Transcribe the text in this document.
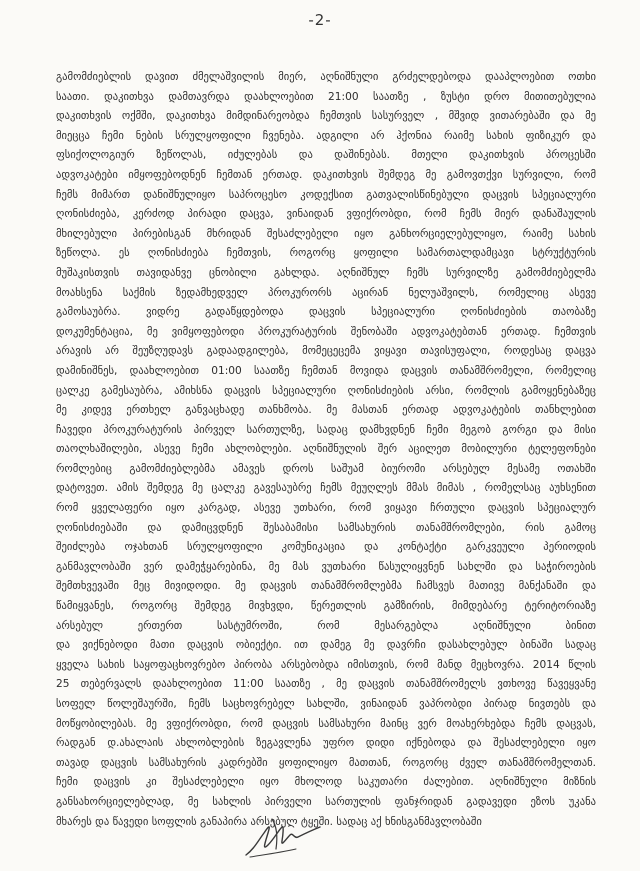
-2-
გამომძიებლის დავით ძმელაშვილის მიერ, აღნიშნული გრძელდებოდა დააპლოებით ოთხი
საათი. დაკითხვა დამთავრდა დაახლოებით 21:00 საათზე , ზუსტი დრო მითითებულია
დაკითხვის ოქმში, დაკითხვა მიმდინარეობდა ჩემთვის სასურველ , მშვიდ ვითარებაში და მე
მიეცცა ჩემი ნების სრულყოფილი ჩვენება. ადგილი არ ჰქონია რაიმე სახის ფიზიკურ და
ფსიქოლოგიურ ზეწოლას, იძულებას და დაშინებას. მთელი დაკითხვის პროცესში
ადვოკატები იმყოფებოდნენ ჩემთან ერთად. დაკითხვის შემდეგ მე გამოვთქვი სურვილი, რომ
ჩემს მიმართ დანიშნულიყო საპროცესო კოდექსით გათვალისწინებული დაცვის სპეციალური
ღონისძიება, კერძოდ პირადი დაცვა, ვინაიდან ვფიქრობდი, რომ ჩემს მიერ დანაშაულის
მხილებული პირებისგან მხრიდან შესაძლებელი იყო განხორციელებულიყო, რაიმე სახის
ზეწოლა. ეს ღონისძიება ჩემთვის, როგორც ყოფილი სამართალდამცავი სტრუქტურის
მუშაკისთვის თავიდანვე ცნობილი გახლდა. აღნიშნულ ჩემს სურვილზე გამომძიებელმა
მოახსენა საქმის ზედამხედველ პროკურორს აცირან ნელუაშვილს, რომელიც ასევე
გამოსაუბრა. ვიდრე გადაწყდებოდა დაცვის სპეციალური ღონისძიების თაობაზე
დოკუმენტაცია, მე ვიმყოფებოდი პროკურატურის შენობაში ადვოკატებთან ერთად. ჩემთვის
არავის არ შეუზღუდავს გადაადგილება, მომეცეცემა ვიყავი თავისუფალი, როდესაც დაცვა
დამინიშნეს, დაახლოებით 01:00 საათზე ჩემთან მოვიდა დაცვის თანამშრომელი, რომელიც
ცალკე გამესაუბრა, ამიხსნა დაცვის სპეციალური ღონისძიების არსი, რომლის გამოყენებაზეც
მე კიდევ ერთხელ განვაცხადე თანხმობა. მე მასთან ერთად ადვოკატების თანხლებით
ჩავედი პროკურატურის პირველ სართულზე, სადაც დამხვდნენ ჩემი მეგობ გორგი და მისი
თაოლხაშილები, ასევე ჩემი ახლობლები. აღნიშნულის შერ აცილეთ მობილური ტელეფონები
რომლებიც გამომძიებლებმა ამავეს დროს საშუამ ბიურომი არსებულ მესამე ოთახში
დატოვეთ. ამის შემდეგ მე ცალკე გავესაუბრე ჩემს მეუღლეს მმას მიმას , რომელსაც აუხსენით
რომ ყველაფერი იყო კარგად, ასევე უთხარი, რომ ვიყავი ჩრთული დაცვის სპეციალურ
ღონისძიებაში და დამიცვდნენ შესაბამისი სამსახურის თანამშრომლები, რის გამოც
შეიძლება ოჯახთან სრულყოფილი კომუნიკაცია და კონტაქტი გარკვეული პერიოდის
განმავლობაში ვერ დამეჭყარებინა, მე მას ვუთხარი წასულიყვნენ სახლში და საჭიროების
შემთხვევაში მეც მივიდოდი. მე დაცვის თანამშრომლებმა ჩამსვეს მათივე მანქანაში და
წამიყვანეს, როგორც შემდეგ მივხვდი, წერეთლის გამზირის, მიმდებარე ტერიტორიაზე
არსებულ ერთერთ სასტუმროში, რომ მესარგებლა აღნიშნული ბინით
და ვიქნებოდი მათი დაცვის ობიექტი. ით დამეგ მე დავრჩი დასახლებულ ბინაში სადაც
ყველა სახის საყოფაცხოვრებო პირობა არსებობდა იმისთვის, რომ მანდ მეცხოვრა. 2014 წლის
25 თებერვალს დაახლოებით 11:00 საათზე , მე დაცვის თანამშრომელს ვთხოვე წავეყვანე
სოფელ წოლეშაურში, ჩემს საცხოვრებელ სახლში, ვინაიდან ვაპრობდი პირად ნივთებს და
მოწყობილებას. მე ვფიქრობდი, რომ დაცვის სამსახური მაინც ვერ მოახერხებდა ჩემს დაცვას,
რადგან დ.ახალაის ახლობლების ზეგავლენა უფრო დიდი იქნებოდა და შესაძლებელი იყო
თავად დაცვის სამსახურის კადრებში ყოფილიყო მათთან, როგორც ძველ თანამშრომელთან.
ჩემი დაცვის კი შესაძლებელი იყო მხოლოდ საკუთარი ძალებით. აღნიშნული მიზნის
განსახორციელებლად, მე სახლის პირველი სართულის ფანჯრიდან გადავედი ეზოს უკანა
მხარეს და წავედი სოფლის განაპირა არსებულ ტყეში. სადაც აქ ხნისგანმავლობაში
